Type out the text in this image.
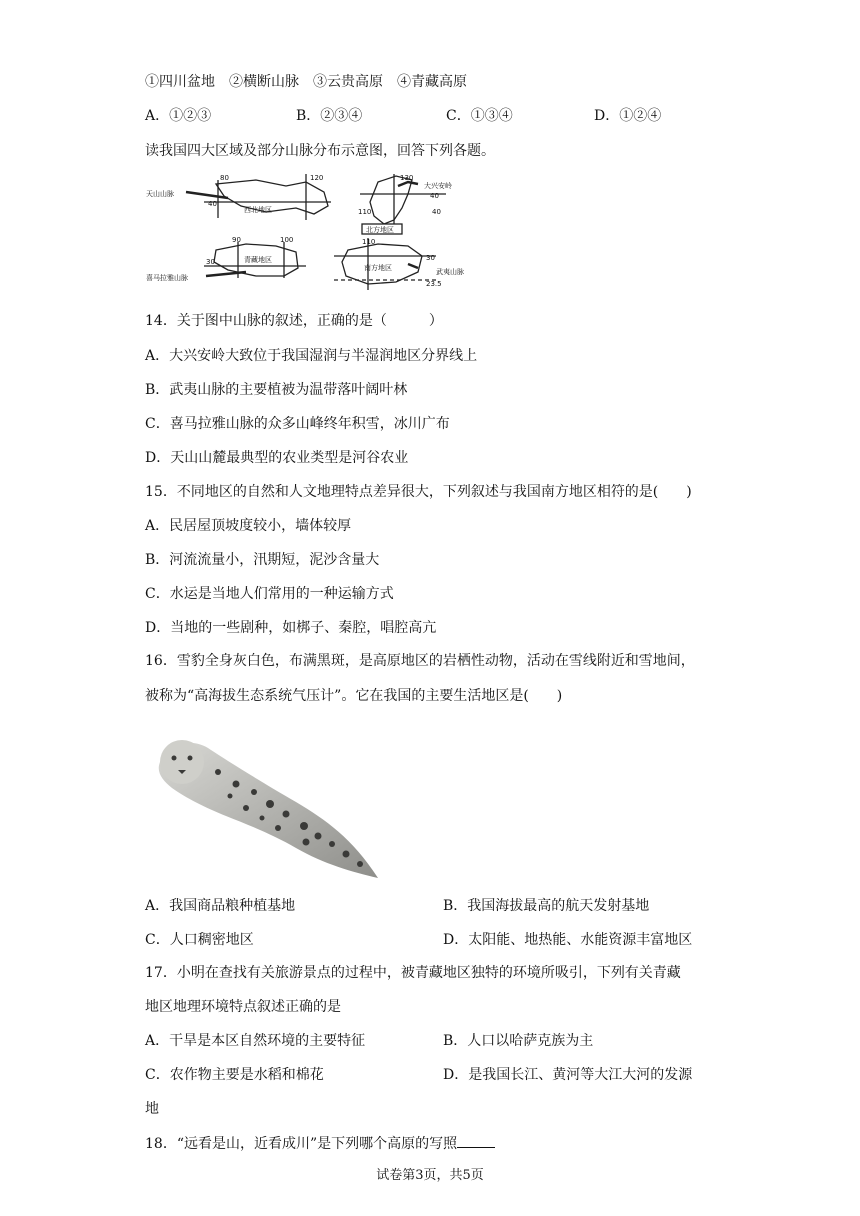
①四川盆地　②横断山脉　③云贵高原　④青藏高原
A．①②③	B．②③④	C．①③④	D．①②④
读我国四大区域及部分山脉分布示意图，回答下列各题。
天山山脉
西北地区
大兴安岭
北方地区
青藏地区
喜马拉雅山脉
南方地区	武夷山脉
80	120
40
130
40
110	40
90	100
30	30
23.5
110
14．关于图中山脉的叙述，正确的是（　　　）
A．大兴安岭大致位于我国湿润与半湿润地区分界线上
B．武夷山脉的主要植被为温带落叶阔叶林
C．喜马拉雅山脉的众多山峰终年积雪，冰川广布
D．天山山麓最典型的农业类型是河谷农业
15．不同地区的自然和人文地理特点差异很大，下列叙述与我国南方地区相符的是(　　)
A．民居屋顶坡度较小，墙体较厚
B．河流流量小，汛期短，泥沙含量大
C．水运是当地人们常用的一种运输方式
D．当地的一些剧种，如梆子、秦腔，唱腔高亢
16．雪豹全身灰白色，布满黑斑，是高原地区的岩栖性动物，活动在雪线附近和雪地间，
被称为“高海拔生态系统气压计”。它在我国的主要生活地区是(　　)
A．我国商品粮种植基地	B．我国海拔最高的航天发射基地
C．人口稠密地区	D．太阳能、地热能、水能资源丰富地区
17．小明在查找有关旅游景点的过程中，被青藏地区独特的环境所吸引，下列有关青藏
地区地理环境特点叙述正确的是
A．干旱是本区自然环境的主要特征	B．人口以哈萨克族为主
C．农作物主要是水稻和棉花	D．是我国长江、黄河等大江大河的发源
地
18．“远看是山，近看成川”是下列哪个高原的写照
试卷第3页，共5页
